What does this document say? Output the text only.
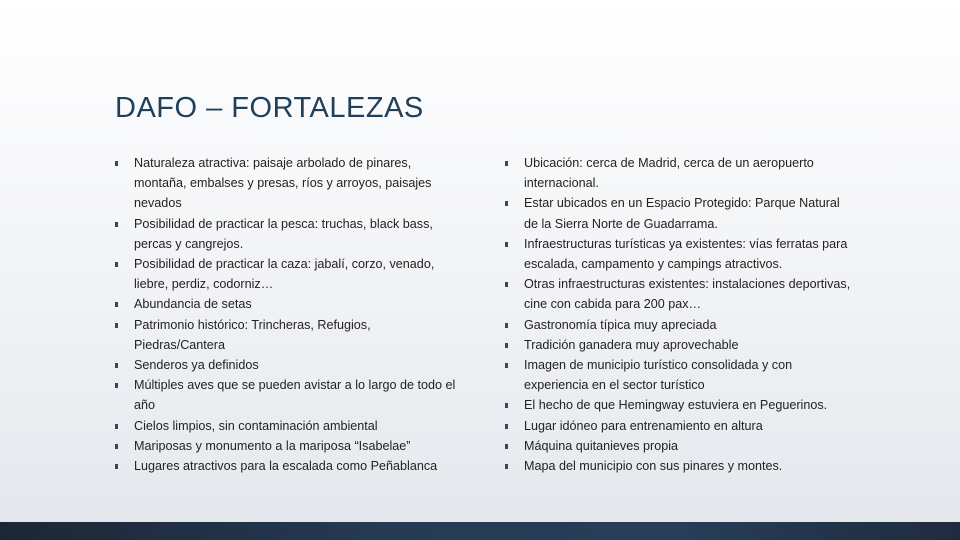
DAFO – FORTALEZAS
Naturaleza atractiva: paisaje arbolado de pinares, montaña, embalses y presas, ríos y arroyos, paisajes nevados
Posibilidad de practicar la pesca: truchas, black bass, percas y cangrejos.
Posibilidad de practicar la caza: jabalí, corzo, venado, liebre, perdiz, codorniz…
Abundancia de setas
Patrimonio histórico: Trincheras, Refugios, Piedras/Cantera
Senderos ya definidos
Múltiples aves que se pueden avistar a lo largo de todo el año
Cielos limpios, sin contaminación ambiental
Mariposas y monumento a la mariposa “Isabelae”
Lugares atractivos para la escalada como Peñablanca
Ubicación: cerca de Madrid, cerca de un aeropuerto internacional.
Estar ubicados en un Espacio Protegido: Parque Natural de la Sierra Norte de Guadarrama.
Infraestructuras turísticas ya existentes: vías ferratas para escalada, campamento y campings atractivos.
Otras infraestructuras existentes: instalaciones deportivas, cine con cabida para 200 pax…
Gastronomía típica muy apreciada
Tradición ganadera muy aprovechable
Imagen de municipio turístico consolidada y con experiencia en el sector turístico
El hecho de que Hemingway estuviera en Peguerinos.
Lugar idóneo para entrenamiento en altura
Máquina quitanieves propia
Mapa del municipio con sus pinares y montes.
